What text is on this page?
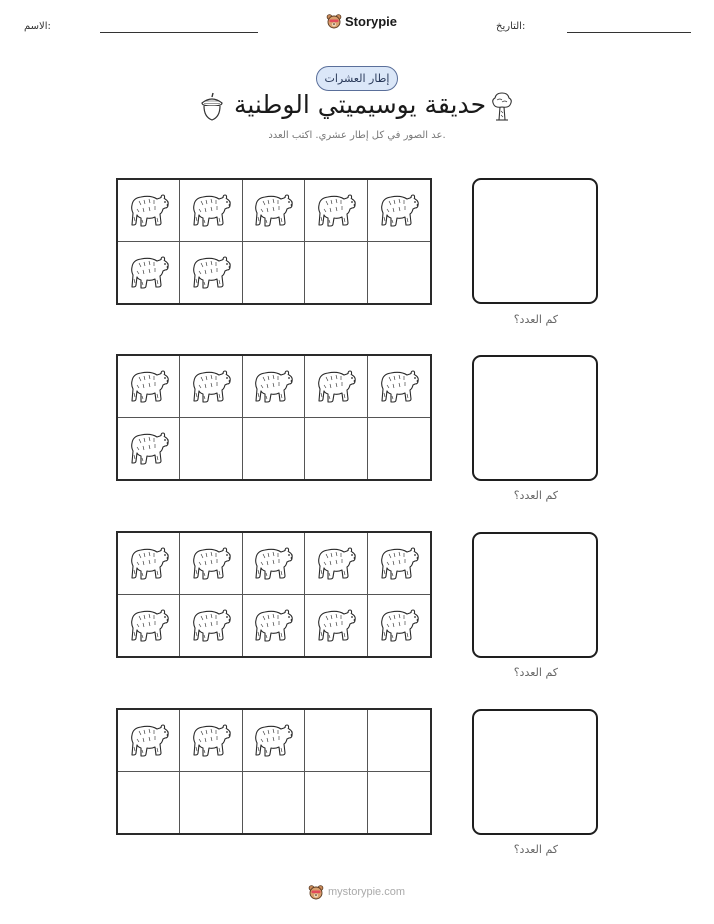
الاسم:	Storypie	التاريخ:
إطار العشرات
حديقة يوسيميتي الوطنية
عد الصور في كل إطار عشري. اكتب العدد.
كم العدد؟
كم العدد؟
كم العدد؟
كم العدد؟
mystorypie.com
